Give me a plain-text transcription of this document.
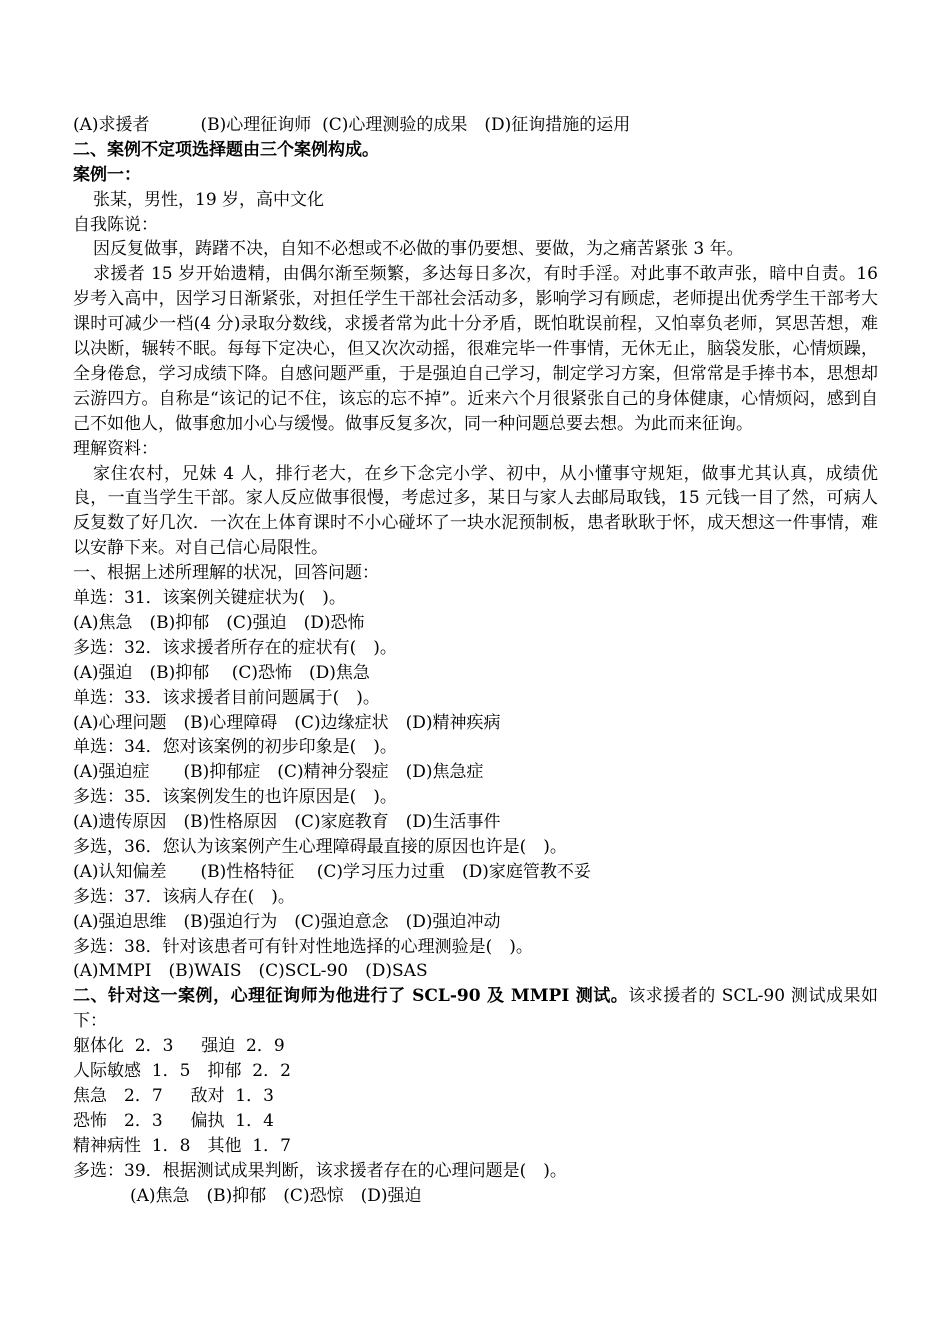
(A)求援者　　　(B)心理征询师  (C)心理测验的成果　(D)征询措施的运用
二、案例不定项选择题由三个案例构成。
案例一：
张某，男性，19 岁，高中文化
自我陈说：
因反复做事，踌躇不决，自知不必想或不必做的事仍要想、要做，为之痛苦紧张 3 年。
求援者 15 岁开始遗精，由偶尔渐至频繁，多达每日多次，有时手淫。对此事不敢声张，暗中自责。16 岁考入高中，因学习日渐紧张，对担任学生干部社会活动多，影响学习有顾虑，老师提出优秀学生干部考大课时可减少一档(4 分)录取分数线，求援者常为此十分矛盾，既怕耽误前程，又怕辜负老师，冥思苦想，难以决断，辗转不眠。每每下定决心，但又次次动摇，很难完毕一件事情，无休无止，脑袋发胀，心情烦躁，全身倦怠，学习成绩下降。自感问题严重，于是强迫自己学习，制定学习方案，但常常是手捧书本，思想却云游四方。自称是“该记的记不住，该忘的忘不掉”。近来六个月很紧张自己的身体健康，心情烦闷，感到自己不如他人，做事愈加小心与缓慢。做事反复多次，同一种问题总要去想。为此而来征询。
理解资料：
家住农村，兄妹 4 人，排行老大，在乡下念完小学、初中，从小懂事守规矩，做事尤其认真，成绩优良，一直当学生干部。家人反应做事很慢，考虑过多，某日与家人去邮局取钱，15 元钱一目了然，可病人反复数了好几次．一次在上体育课时不小心碰坏了一块水泥预制板，患者耿耿于怀，成天想这一件事情，难以安静下来。对自己信心局限性。
一、根据上述所理解的状况，回答问题：
单选：31．该案例关键症状为(　)。
(A)焦急　(B)抑郁　(C)强迫　(D)恐怖
多选：32．该求援者所存在的症状有(　)。
(A)强迫　(B)抑郁　 (C)恐怖　(D)焦急
单选：33．该求援者目前问题属于(　)。
(A)心理问题　(B)心理障碍　(C)边缘症状　(D)精神疾病
单选：34．您对该案例的初步印象是(　)。
(A)强迫症　　(B)抑郁症　(C)精神分裂症　(D)焦急症
多选：35．该案例发生的也许原因是(　)。
(A)遗传原因　(B)性格原因　(C)家庭教育　(D)生活事件
多选，36．您认为该案例产生心理障碍最直接的原因也许是(　)。
(A)认知偏差　　(B)性格特征　 (C)学习压力过重　(D)家庭管教不妥
多选：37．该病人存在(　)。
(A)强迫思维　(B)强迫行为　(C)强迫意念　(D)强迫冲动
多选：38．针对该患者可有针对性地选择的心理测验是(　)。
(A)MMPI　(B)WAIS　(C)SCL-90　(D)SAS
二、针对这一案例，心理征询师为他进行了 SCL-90 及 MMPI 测试。该求援者的 SCL-90 测试成果如下：
躯体化  2．3　  强迫  2．9
人际敏感  1．5　抑郁  2．2
焦急　2．7　  敌对  1．3
恐怖　2．3　  偏执  1．4
精神病性  1．8　其他  1．7
多选：39．根据测试成果判断，该求援者存在的心理问题是(　)。
(A)焦急　(B)抑郁　(C)恐惊　(D)强迫
